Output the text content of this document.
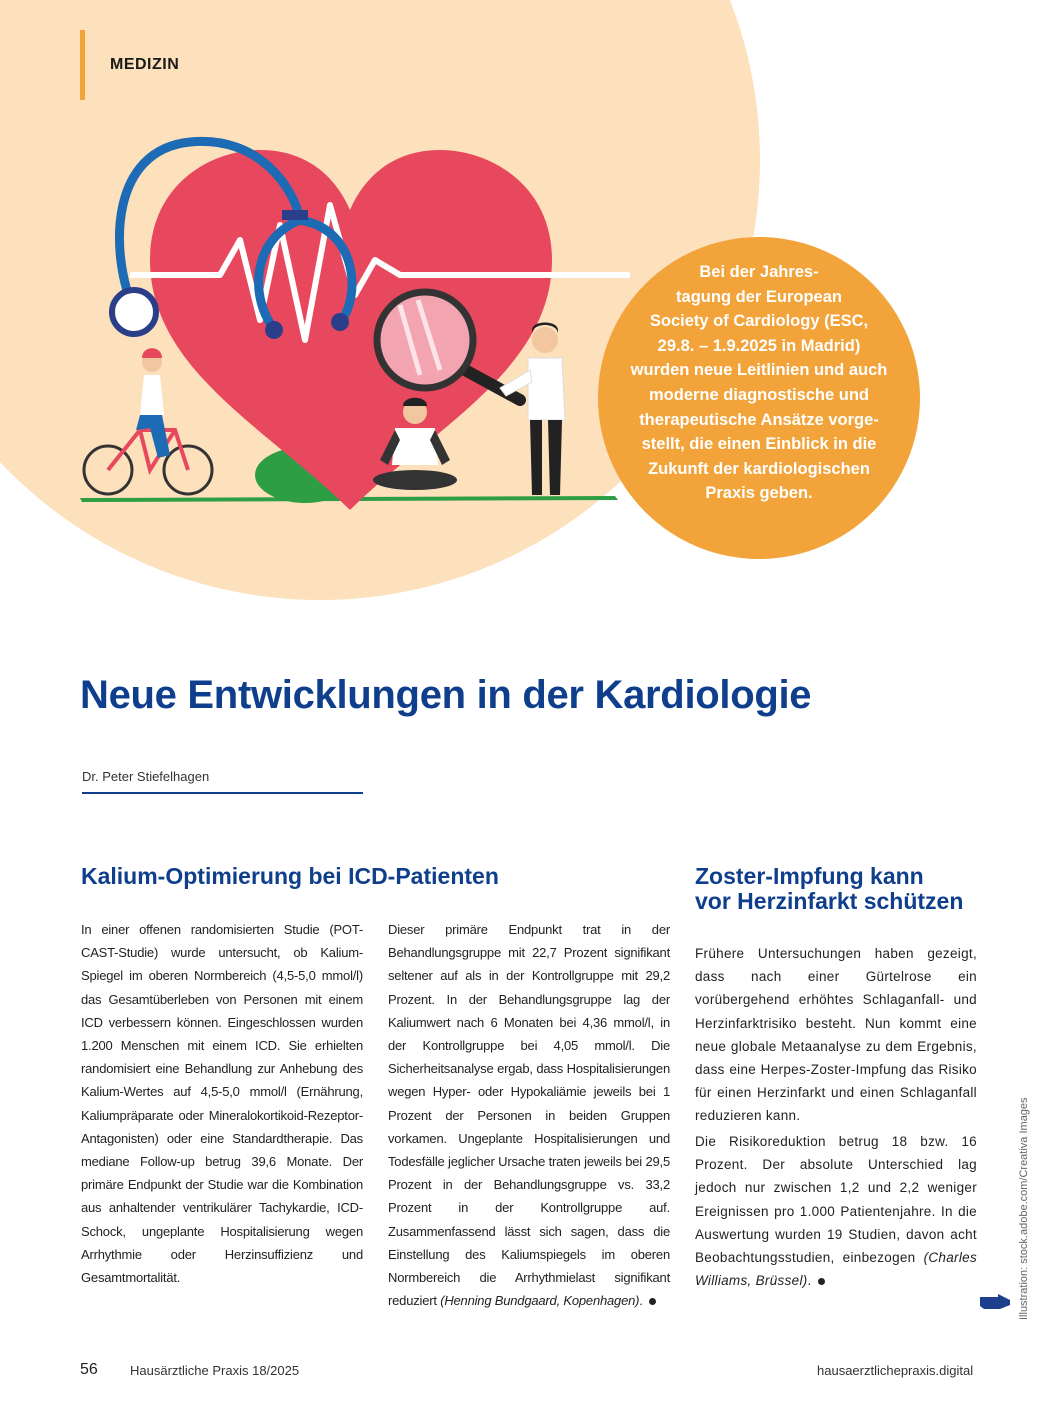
MEDIZIN

Bei der Jahres-
tagung der European
Society of Cardiology (ESC,
29.8. – 1.9.2025 in Madrid)
wurden neue Leitlinien und auch
moderne diagnostische und
therapeutische Ansätze vorge-
stellt, die einen Einblick in die
Zukunft der kardiologischen
Praxis geben.

Neue Entwicklungen in der Kardiologie
Dr. Peter Stiefelhagen
Kalium-Optimierung bei ICD-Patienten

In einer offenen randomisierten Studie (POT-CAST-Studie) wurde untersucht, ob Kalium-Spiegel im oberen Normbereich (4,5-5,0 mmol/l) das Gesamtüberleben von Personen mit einem ICD verbessern können. Eingeschlossen wurden 1.200 Menschen mit einem ICD. Sie erhielten randomisiert eine Behandlung zur Anhebung des Kalium-Wertes auf 4,5-5,0 mmol/l (Ernährung, Kaliumpräparate oder Mineralokortikoid-Rezeptor-Antagonisten) oder eine Standardtherapie. Das mediane Follow-up betrug 39,6 Monate. Der primäre Endpunkt der Studie war die Kombination aus anhaltender ventrikulärer Tachykardie, ICD-Schock, ungeplante Hospitalisierung wegen Arrhythmie oder Herzinsuffizienz und Gesamtmortalität.

Dieser primäre Endpunkt trat in der Behandlungsgruppe mit 22,7 Prozent signifikant seltener auf als in der Kontrollgruppe mit 29,2 Prozent. In der Behandlungsgruppe lag der Kaliumwert nach 6 Monaten bei 4,36 mmol/l, in der Kontrollgruppe bei 4,05 mmol/l. Die Sicherheitsanalyse ergab, dass Hospitalisierungen wegen Hyper- oder Hypokaliämie jeweils bei 1 Prozent der Personen in beiden Gruppen vorkamen. Ungeplante Hospitalisierungen und Todesfälle jeglicher Ursache traten jeweils bei 29,5 Prozent in der Behandlungsgruppe vs. 33,2 Prozent in der Kontrollgruppe auf. Zusammenfassend lässt sich sagen, dass die Einstellung des Kaliumspiegels im oberen Normbereich die Arrhythmielast signifikant reduziert (Henning Bundgaard, Kopenhagen).

Zoster-Impfung kann
vor Herzinfarkt schützen

Frühere Untersuchungen haben gezeigt, dass nach einer Gürtelrose ein vorübergehend erhöhtes Schlaganfall- und Herzinfarktrisiko besteht. Nun kommt eine neue globale Metaanalyse zu dem Ergebnis, dass eine Herpes-Zoster-Impfung das Risiko für einen Herzinfarkt und einen Schlaganfall reduzieren kann.

Die Risikoreduktion betrug 18 bzw. 16 Prozent. Der absolute Unterschied lag jedoch nur zwischen 1,2 und 2,2 weniger Ereignissen pro 1.000 Patientenjahre. In die Auswertung wurden 19 Studien, davon acht Beobachtungsstudien, einbezogen (Charles Williams, Brüssel).	Illustration: stock.adobe.com/Creativa Images
56 Hausärztliche Praxis 18/2025	hausaerztlichepraxis.digital
